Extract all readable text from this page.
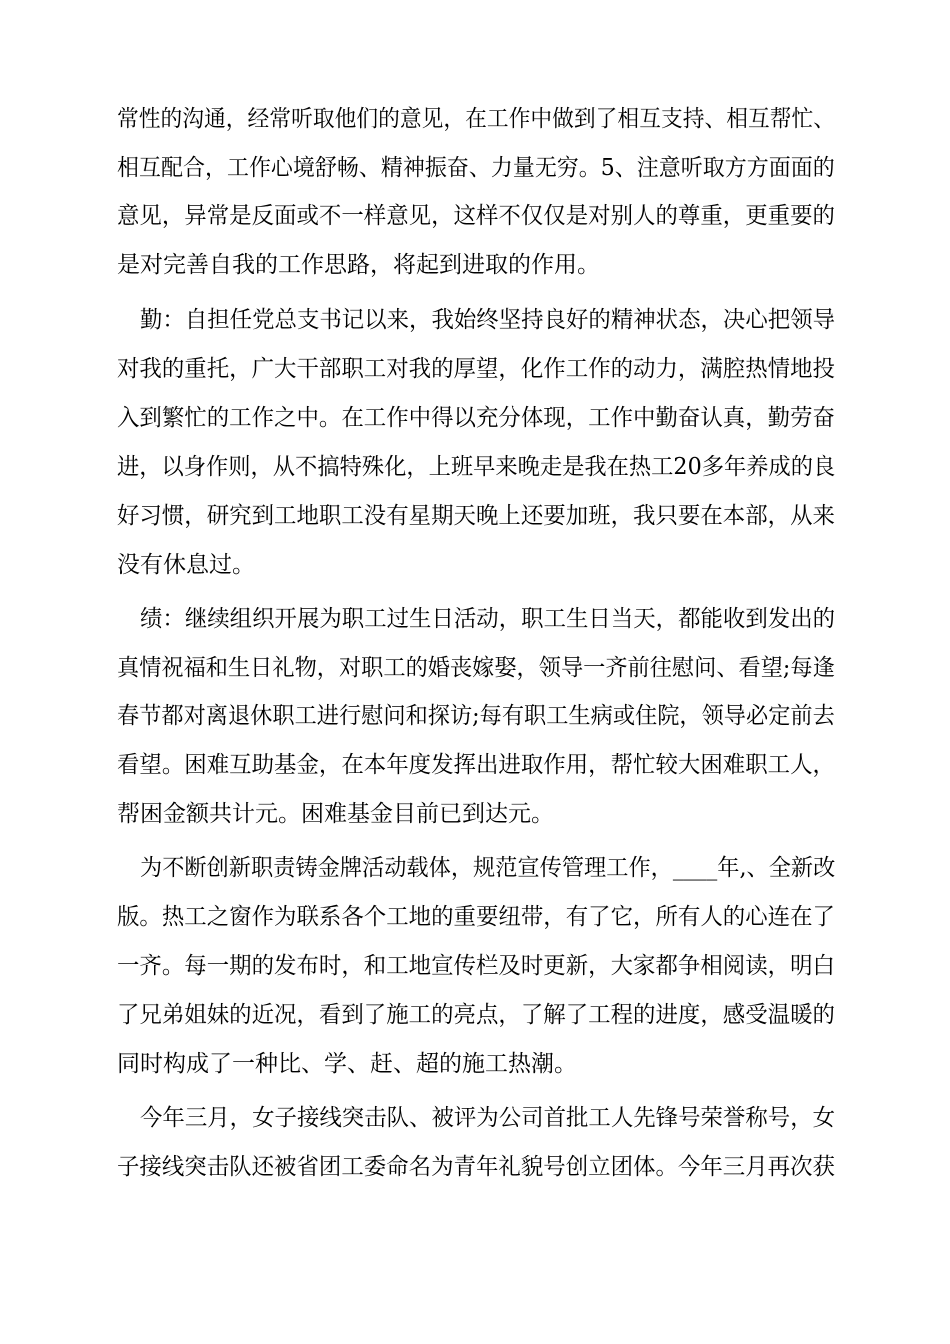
常性的沟通，经常听取他们的意见，在工作中做到了相互支持、相互帮忙、
相互配合，工作心境舒畅、精神振奋、力量无穷。5、注意听取方方面面的
意见，异常是反面或不一样意见，这样不仅仅是对别人的尊重，更重要的
是对完善自我的工作思路，将起到进取的作用。
勤：自担任党总支书记以来，我始终坚持良好的精神状态，决心把领导
对我的重托，广大干部职工对我的厚望，化作工作的动力，满腔热情地投
入到繁忙的工作之中。在工作中得以充分体现，工作中勤奋认真，勤劳奋
进，以身作则，从不搞特殊化，上班早来晚走是我在热工20多年养成的良
好习惯，研究到工地职工没有星期天晚上还要加班，我只要在本部，从来
没有休息过。
绩：继续组织开展为职工过生日活动，职工生日当天，都能收到发出的
真情祝福和生日礼物，对职工的婚丧嫁娶，领导一齐前往慰问、看望;每逢
春节都对离退休职工进行慰问和探访;每有职工生病或住院，领导必定前去
看望。困难互助基金，在本年度发挥出进取作用，帮忙较大困难职工人，
帮困金额共计元。困难基金目前已到达元。
为不断创新职责铸金牌活动载体，规范宣传管理工作，____年,、全新改
版。热工之窗作为联系各个工地的重要纽带，有了它，所有人的心连在了
一齐。每一期的发布时，和工地宣传栏及时更新，大家都争相阅读，明白
了兄弟姐妹的近况，看到了施工的亮点，了解了工程的进度，感受温暖的
同时构成了一种比、学、赶、超的施工热潮。
今年三月，女子接线突击队、被评为公司首批工人先锋号荣誉称号，女
子接线突击队还被省团工委命名为青年礼貌号创立团体。今年三月再次获
